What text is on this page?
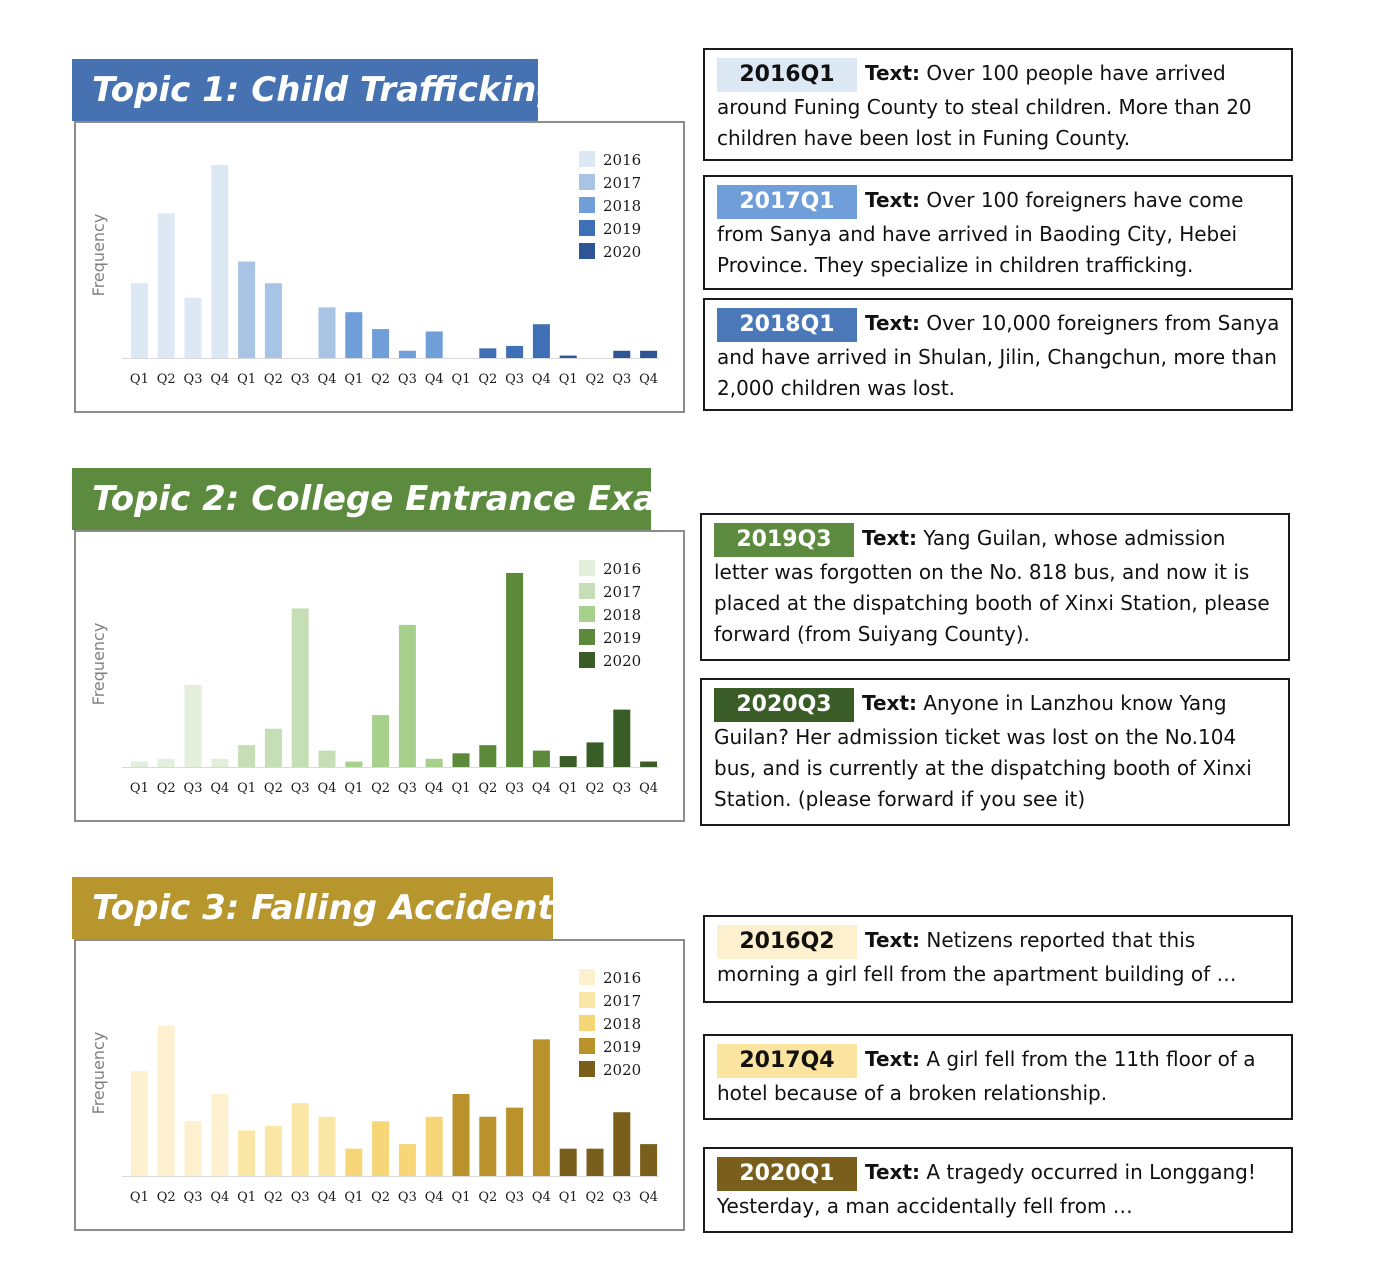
Topic 1: Child Trafficking
Frequency
Q1 Q2 Q3 Q4 Q1 Q2 Q3 Q4 Q1 Q2 Q3 Q4 Q1 Q2 Q3 Q4 Q1 Q2 Q3 Q4
2016
2017
2018
2019
2020
Topic 2: College Entrance Exam
Frequency
Q1 Q2 Q3 Q4 Q1 Q2 Q3 Q4 Q1 Q2 Q3 Q4 Q1 Q2 Q3 Q4 Q1 Q2 Q3 Q4
2016
2017
2018
2019
2020
Topic 3: Falling Accident
Frequency
Q1 Q2 Q3 Q4 Q1 Q2 Q3 Q4 Q1 Q2 Q3 Q4 Q1 Q2 Q3 Q4 Q1 Q2 Q3 Q4
2016
2017
2018
2019
2020
2016Q1 Text: Over 100 people have arrived around Funing County to steal children. More than 20 children have been lost in Funing County.
2017Q1 Text: Over 100 foreigners have come from Sanya and have arrived in Baoding City, Hebei Province. They specialize in children trafficking.
2018Q1 Text: Over 10,000 foreigners from Sanya and have arrived in Shulan, Jilin, Changchun, more than 2,000 children was lost.
2019Q3 Text: Yang Guilan, whose admission letter was forgotten on the No. 818 bus, and now it is placed at the dispatching booth of Xinxi Station, please forward (from Suiyang County).
2020Q3 Text: Anyone in Lanzhou know Yang Guilan? Her admission ticket was lost on the No.104 bus, and is currently at the dispatching booth of Xinxi Station. (please forward if you see it)
2016Q2 Text: Netizens reported that this morning a girl fell from the apartment building of …
2017Q4 Text: A girl fell from the 11th floor of a hotel because of a broken relationship.
2020Q1 Text: A tragedy occurred in Longgang! Yesterday, a man accidentally fell from …
